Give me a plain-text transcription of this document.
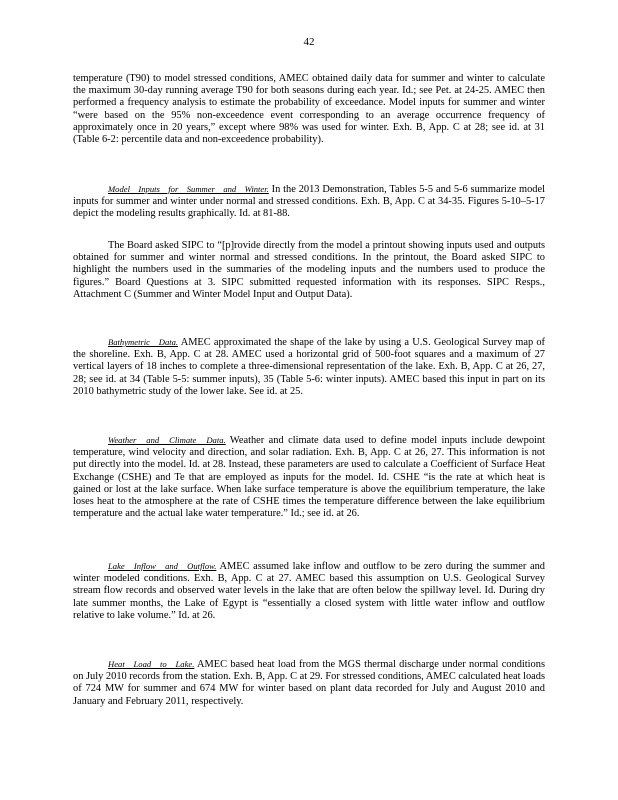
42

temperature (T90) to model stressed conditions, AMEC obtained daily data for summer and winter to calculate the maximum 30-day running average T90 for both seasons during each year. Id.; see Pet. at 24-25. AMEC then performed a frequency analysis to estimate the probability of exceedance. Model inputs for summer and winter “were based on the 95% non-exceedence event corresponding to an average occurrence frequency of approximately once in 20 years,” except where 98% was used for winter. Exh. B, App. C at 28; see id. at 31 (Table 6-2: percentile data and non-exceedence probability).

Model Inputs for Summer and Winter. In the 2013 Demonstration, Tables 5-5 and 5-6 summarize model inputs for summer and winter under normal and stressed conditions. Exh. B, App. C at 34-35. Figures 5-10–5-17 depict the modeling results graphically. Id. at 81-88.

The Board asked SIPC to “[p]rovide directly from the model a printout showing inputs used and outputs obtained for summer and winter normal and stressed conditions. In the printout, the Board asked SIPC to highlight the numbers used in the summaries of the modeling inputs and the numbers used to produce the figures.” Board Questions at 3. SIPC submitted requested information with its responses. SIPC Resps., Attachment C (Summer and Winter Model Input and Output Data).

Bathymetric Data. AMEC approximated the shape of the lake by using a U.S. Geological Survey map of the shoreline. Exh. B, App. C at 28. AMEC used a horizontal grid of 500-foot squares and a maximum of 27 vertical layers of 18 inches to complete a three-dimensional representation of the lake. Exh. B, App. C at 26, 27, 28; see id. at 34 (Table 5-5: summer inputs), 35 (Table 5-6: winter inputs). AMEC based this input in part on its 2010 bathymetric study of the lower lake. See id. at 25.

Weather and Climate Data. Weather and climate data used to define model inputs include dewpoint temperature, wind velocity and direction, and solar radiation. Exh. B, App. C at 26, 27. This information is not put directly into the model. Id. at 28. Instead, these parameters are used to calculate a Coefficient of Surface Heat Exchange (CSHE) and Te that are employed as inputs for the model. Id. CSHE “is the rate at which heat is gained or lost at the lake surface. When lake surface temperature is above the equilibrium temperature, the lake loses heat to the atmosphere at the rate of CSHE times the temperature difference between the lake equilibrium temperature and the actual lake water temperature.” Id.; see id. at 26.

Lake Inflow and Outflow. AMEC assumed lake inflow and outflow to be zero during the summer and winter modeled conditions. Exh. B, App. C at 27. AMEC based this assumption on U.S. Geological Survey stream flow records and observed water levels in the lake that are often below the spillway level. Id. During dry late summer months, the Lake of Egypt is “essentially a closed system with little water inflow and outflow relative to lake volume.” Id. at 26.

Heat Load to Lake. AMEC based heat load from the MGS thermal discharge under normal conditions on July 2010 records from the station. Exh. B, App. C at 29. For stressed conditions, AMEC calculated heat loads of 724 MW for summer and 674 MW for winter based on plant data recorded for July and August 2010 and January and February 2011, respectively.
